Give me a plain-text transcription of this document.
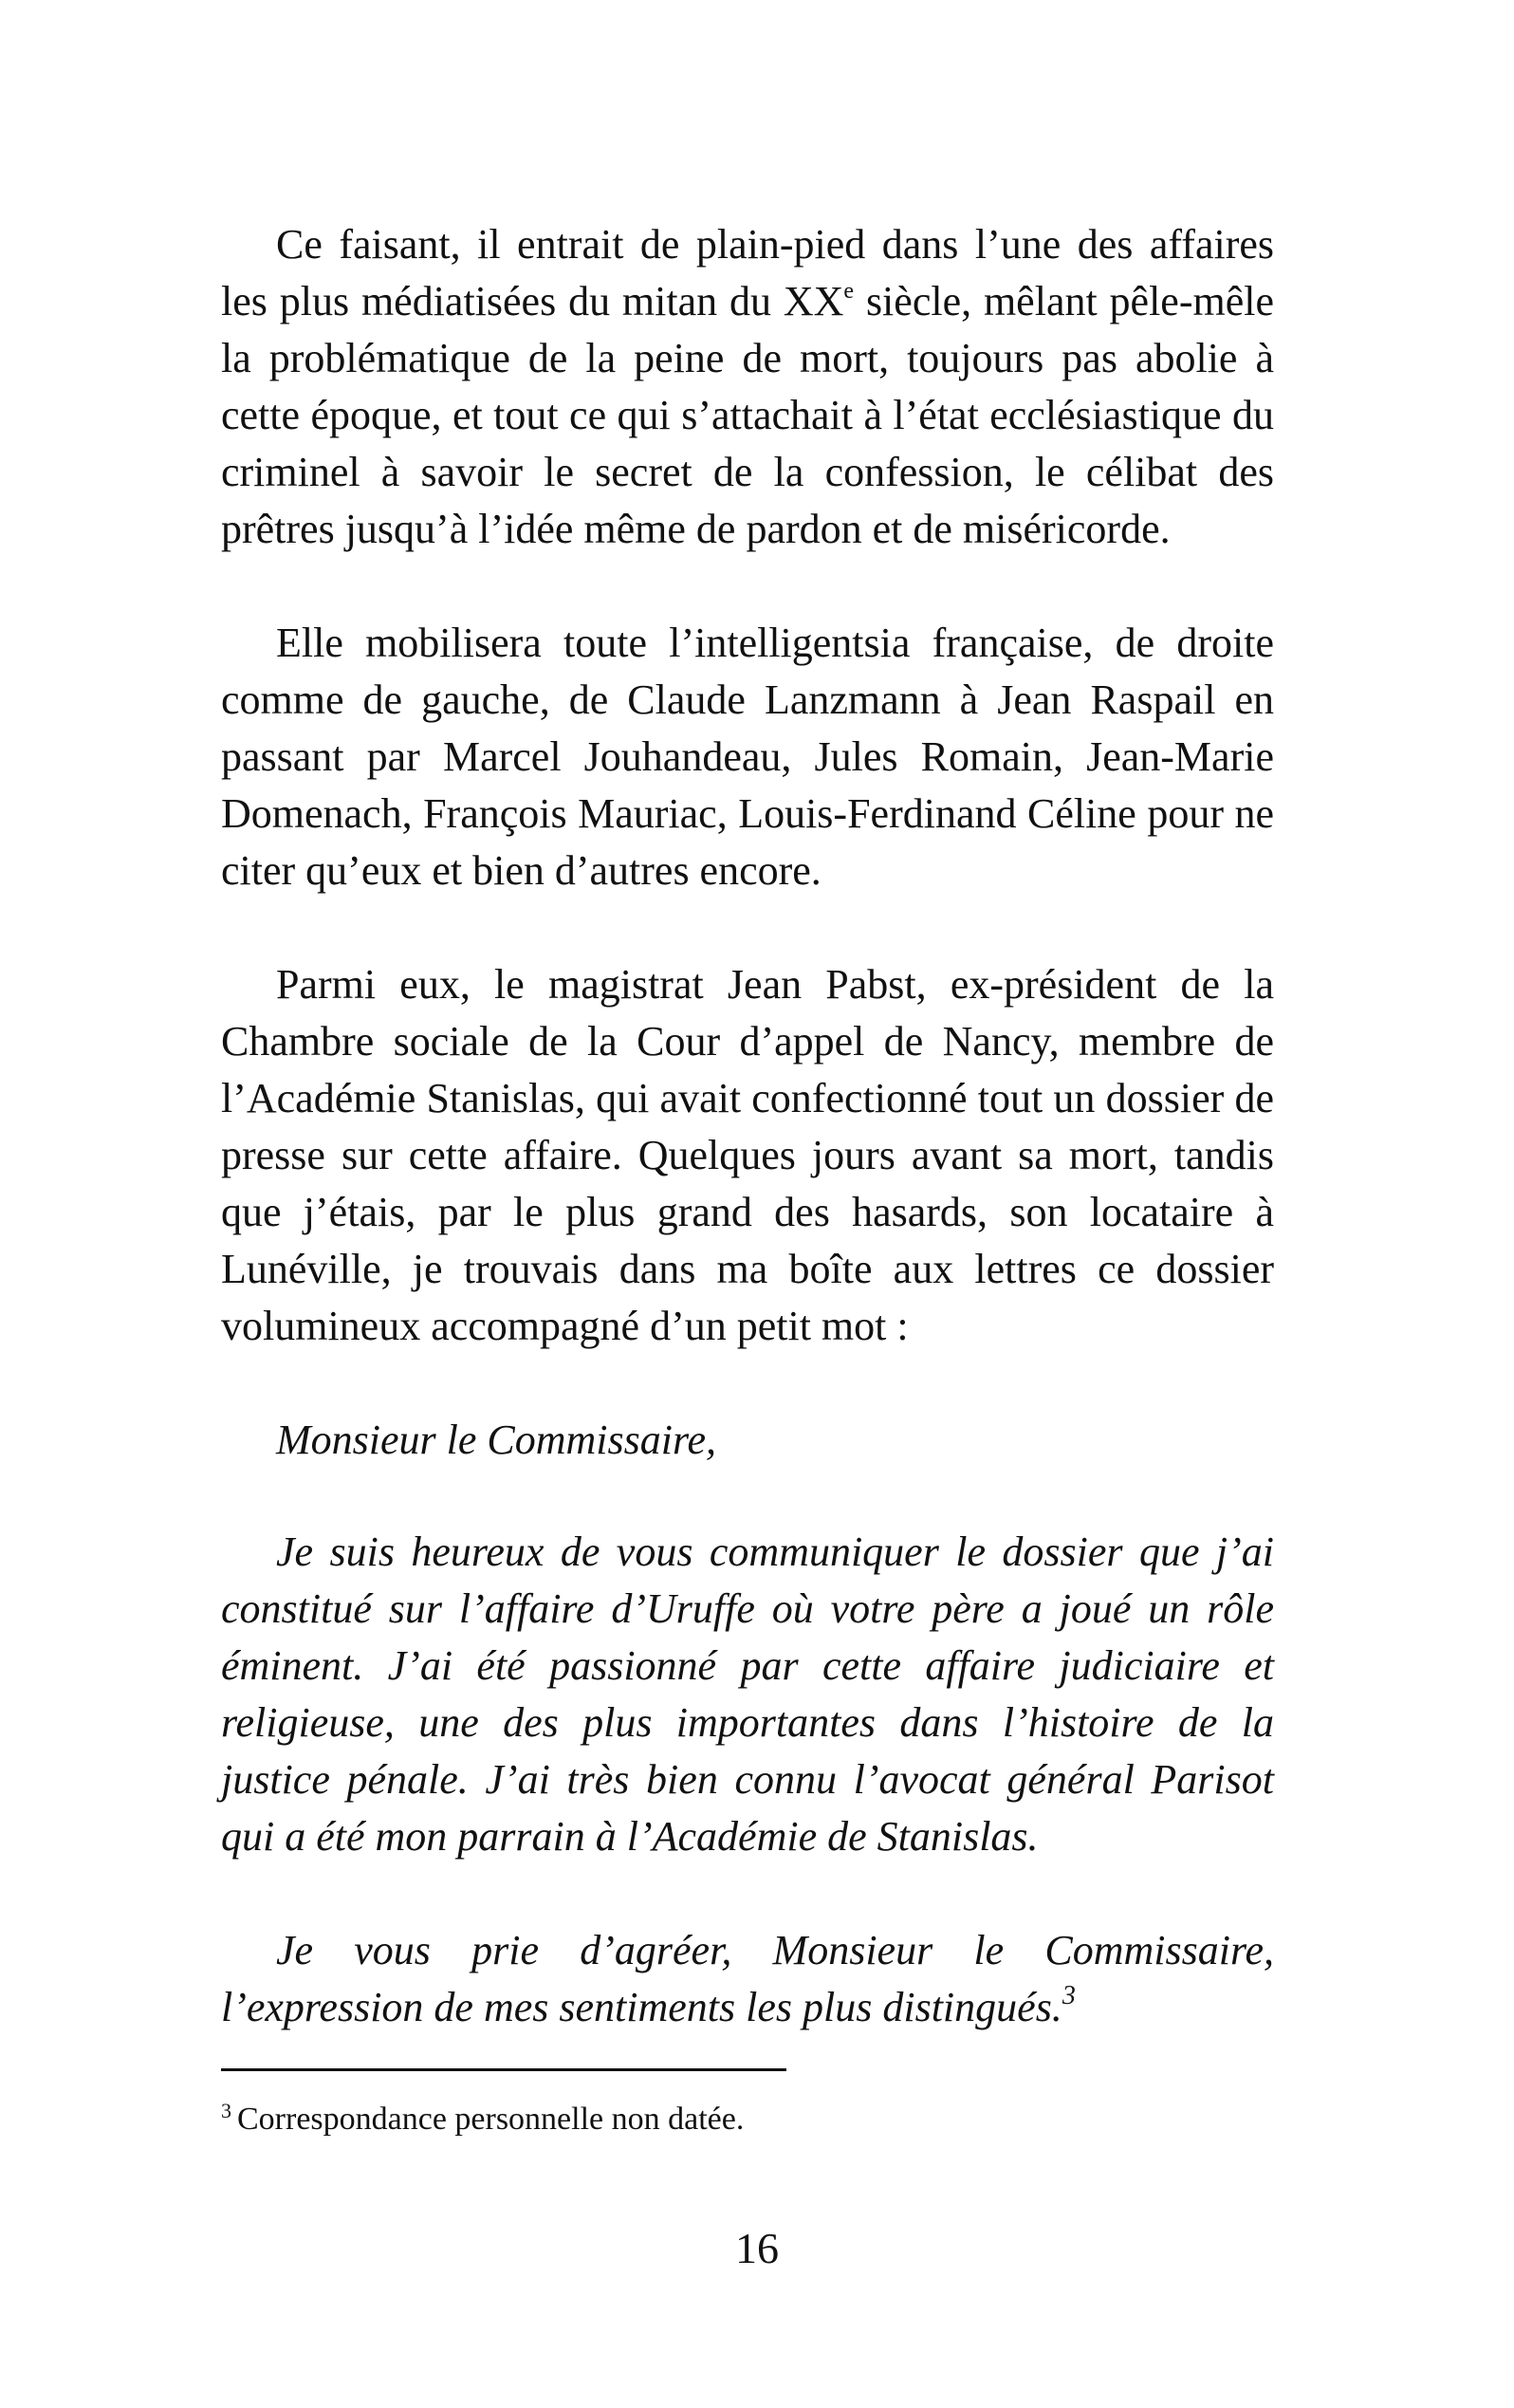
Ce faisant, il entrait de plain-pied dans l’une des affaires les plus médiatisées du mitan du XXe siècle, mêlant pêle-mêle la problématique de la peine de mort, toujours pas abolie à cette époque, et tout ce qui s’attachait à l’état ecclésiastique du criminel à savoir le secret de la confession, le célibat des prêtres jusqu’à l’idée même de pardon et de miséricorde.

Elle mobilisera toute l’intelligentsia française, de droite comme de gauche, de Claude Lanzmann à Jean Raspail en passant par Marcel Jouhandeau, Jules Romain, Jean-Marie Domenach, François Mauriac, Louis-Ferdinand Céline pour ne citer qu’eux et bien d’autres encore.

Parmi eux, le magistrat Jean Pabst, ex-président de la Chambre sociale de la Cour d’appel de Nancy, membre de l’Académie Stanislas, qui avait confectionné tout un dossier de presse sur cette affaire. Quelques jours avant sa mort, tandis que j’étais, par le plus grand des hasards, son locataire à Lunéville, je trouvais dans ma boîte aux lettres ce dossier volumineux accompagné d’un petit mot :

Monsieur le Commissaire,

Je suis heureux de vous communiquer le dossier que j’ai constitué sur l’affaire d’Uruffe où votre père a joué un rôle éminent. J’ai été passionné par cette affaire judiciaire et religieuse, une des plus importantes dans l’histoire de la justice pénale. J’ai très bien connu l’avocat général Parisot qui a été mon parrain à l’Académie de Stanislas.

Je vous prie d’agréer, Monsieur le Commissaire, l’expression de mes sentiments les plus distingués.$^3$

$^3$ Correspondance personnelle non datée.
16
